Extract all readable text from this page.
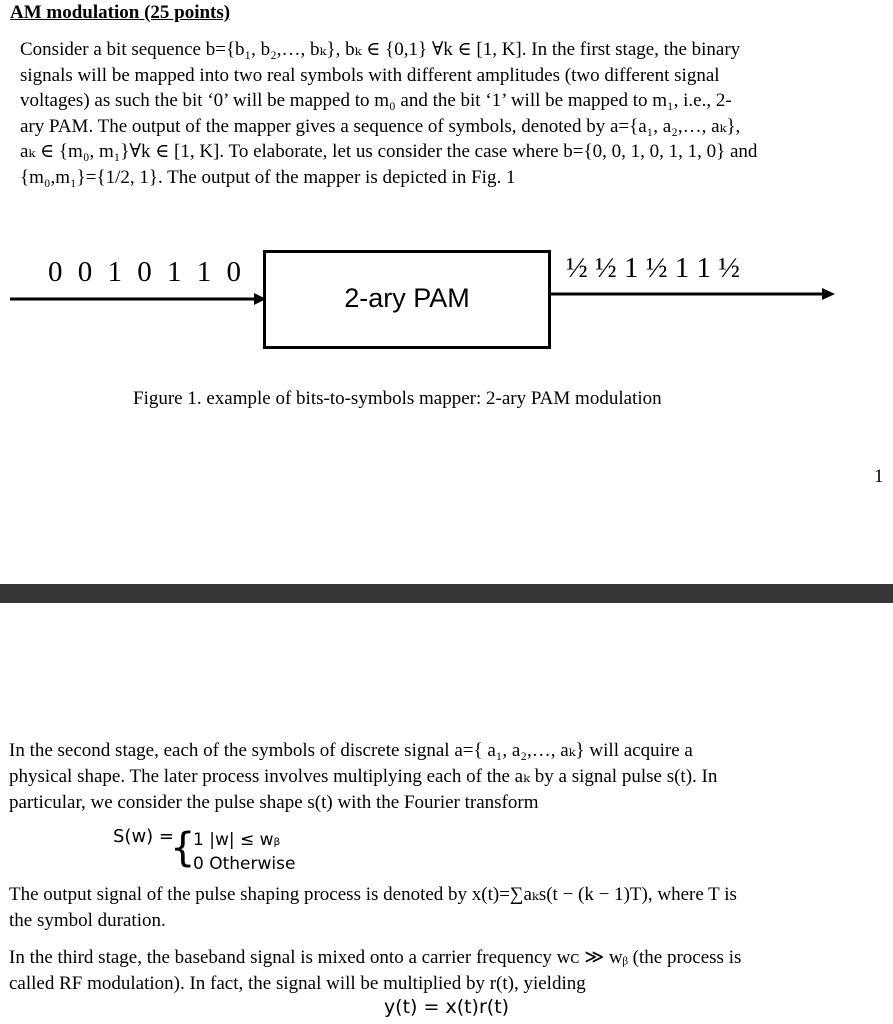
AM modulation (25 points)
Consider a bit sequence b={b₁, b₂,…, bₖ}, bₖ ∈ {0,1} ∀k ∈ [1, K]. In the first stage, the binary
signals will be mapped into two real symbols with different amplitudes (two different signal
voltages) as such the bit ‘0’ will be mapped to m₀ and the bit ‘1’ will be mapped to m₁, i.e., 2-
ary PAM. The output of the mapper gives a sequence of symbols, denoted by a={a₁, a₂,…, aₖ},
aₖ ∈ {m₀, m₁}∀k ∈ [1, K]. To elaborate, let us consider the case where b={0, 0, 1, 0, 1, 1, 0} and
{m₀,m₁}={1/2, 1}. The output of the mapper is depicted in Fig. 1
2-ary PAM
0 0 1 0 1 1 0	½ ½ 1 ½ 1 1 ½
Figure 1. example of bits-to-symbols mapper: 2-ary PAM modulation
1
In the second stage, each of the symbols of discrete signal a={ a₁, a₂,…, aₖ} will acquire a
physical shape. The later process involves multiplying each of the aₖ by a signal pulse s(t). In
particular, we consider the pulse shape s(t) with the Fourier transform
S(w) =
{
1 |w| ≤ wᵦ
0 Otherwise
The output signal of the pulse shaping process is denoted by x(t)=∑aₖs(t − (k − 1)T), where T is
the symbol duration.
In the third stage, the baseband signal is mixed onto a carrier frequency wᴄ ≫ wᵦ (the process is
called RF modulation). In fact, the signal will be multiplied by r(t), yielding
y(t) = x(t)r(t)
